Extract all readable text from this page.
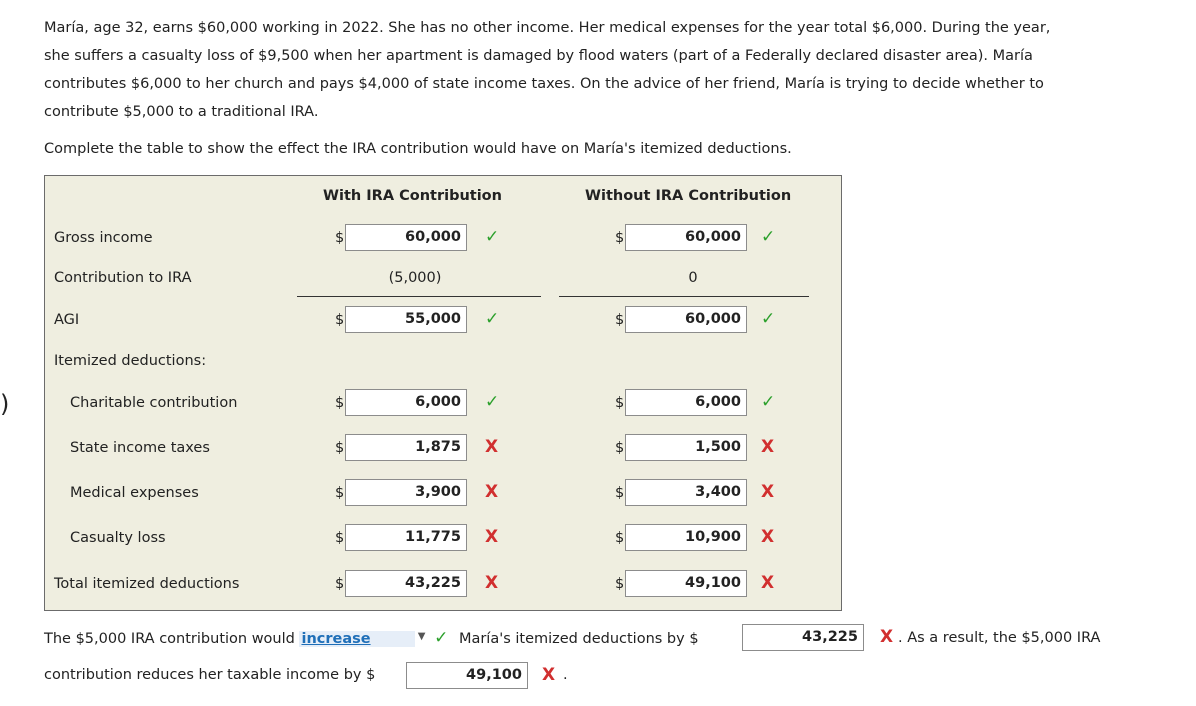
María, age 32, earns $60,000 working in 2022. She has no other income. Her medical expenses for the year total $6,000. During the year,
she suffers a casualty loss of $9,500 when her apartment is damaged by flood waters (part of a Federally declared disaster area). María
contributes $6,000 to her church and pays $4,000 of state income taxes. On the advice of her friend, María is trying to decide whether to
contribute $5,000 to a traditional IRA.
Complete the table to show the effect the IRA contribution would have on María's itemized deductions.
)
With IRA Contribution	Without IRA Contribution
Gross income	$	60,000	✓	$	60,000	✓
Contribution to IRA	(5,000)	0
AGI	$	55,000	✓	$	60,000	✓
Itemized deductions:
Charitable contribution	$	6,000	✓	$	6,000	✓
State income taxes	$	1,875	X	$	1,500	X
Medical expenses	$	3,900	X	$	3,400	X
Casualty loss	$	11,775	X	$	10,900	X
Total itemized deductions	$	43,225	X	$	49,100	X
The $5,000 IRA contribution would increase	▼ ✓ María's itemized deductions by $	43,225	X . As a result, the $5,000 IRA
contribution reduces her taxable income by $	49,100	X .
